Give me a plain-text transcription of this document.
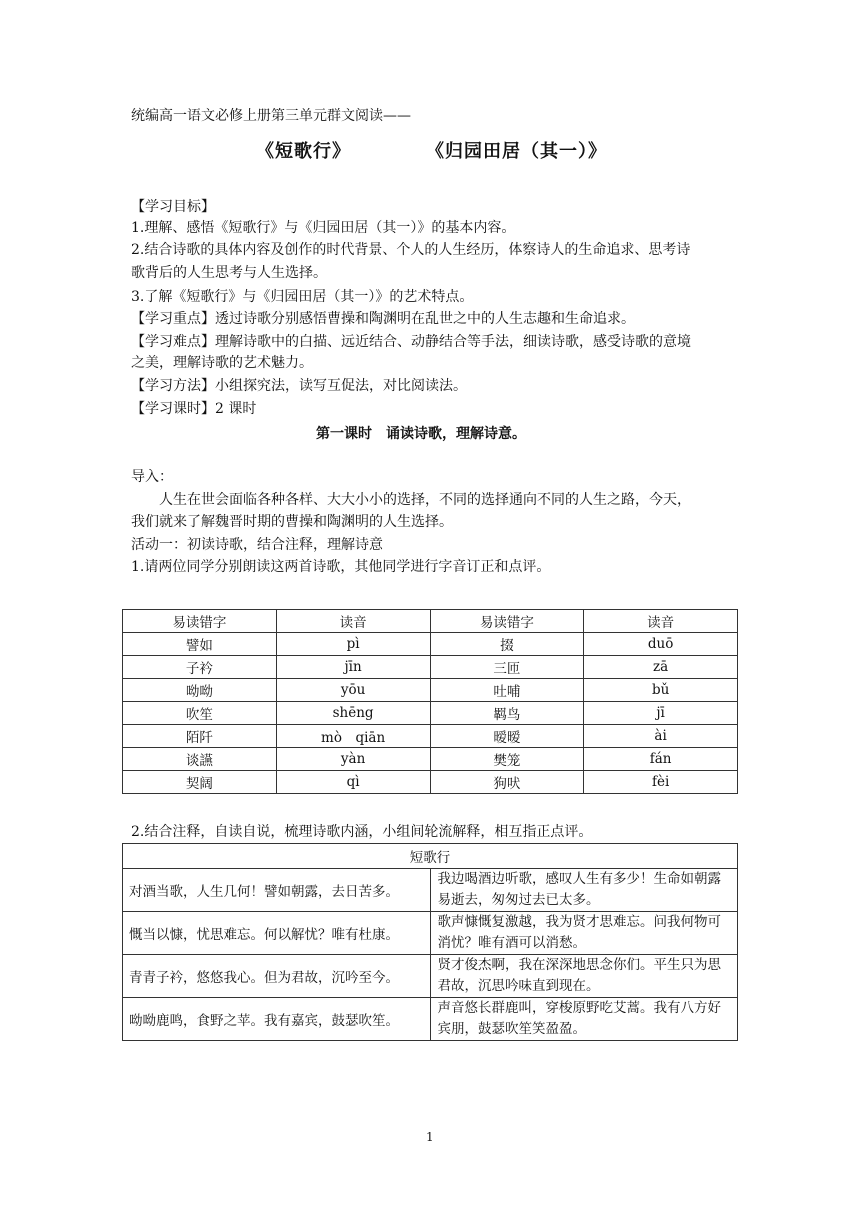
统编高一语文必修上册第三单元群文阅读——
《短歌行》	《归园田居（其一）》
【学习目标】
1.理解、感悟《短歌行》与《归园田居（其一）》的基本内容。
2.结合诗歌的具体内容及创作的时代背景、个人的人生经历，体察诗人的生命追求、思考诗
歌背后的人生思考与人生选择。
3.了解《短歌行》与《归园田居（其一）》的艺术特点。
【学习重点】透过诗歌分别感悟曹操和陶渊明在乱世之中的人生志趣和生命追求。
【学习难点】理解诗歌中的白描、远近结合、动静结合等手法，细读诗歌，感受诗歌的意境
之美，理解诗歌的艺术魅力。
【学习方法】小组探究法，读写互促法，对比阅读法。
【学习课时】2 课时
第一课时　诵读诗歌，理解诗意。
导入：
人生在世会面临各种各样、大大小小的选择，不同的选择通向不同的人生之路，今天，
我们就来了解魏晋时期的曹操和陶渊明的人生选择。
活动一：初读诗歌，结合注释，理解诗意
1.请两位同学分别朗读这两首诗歌，其他同学进行字音订正和点评。
易读错字	读音	易读错字	读音
譬如	pì	掇	duō
子衿	jīn	三匝	zā
呦呦	yōu	吐哺	bǔ
吹笙	shēng	羁鸟	jī
陌阡	mò　qiān	暧暧	ài
谈讌	yàn	樊笼	fán
契阔	qì	狗吠	fèi
2.结合注释，自读自说，梳理诗歌内涵，小组间轮流解释，相互指正点评。
短歌行	
对酒当歌，人生几何！譬如朝露，去日苦多。	我边喝酒边听歌，感叹人生有多少！生命如朝露易逝去，匆匆过去已太多。
慨当以慷，忧思难忘。何以解忧？唯有杜康。	歌声慷慨复激越，我为贤才思难忘。问我何物可消忧？唯有酒可以消愁。
青青子衿，悠悠我心。但为君故，沉吟至今。	贤才俊杰啊，我在深深地思念你们。平生只为思君故，沉思吟味直到现在。
呦呦鹿鸣，食野之苹。我有嘉宾，鼓瑟吹笙。	声音悠长群鹿叫，穿梭原野吃艾蒿。我有八方好宾朋，鼓瑟吹笙笑盈盈。
1
